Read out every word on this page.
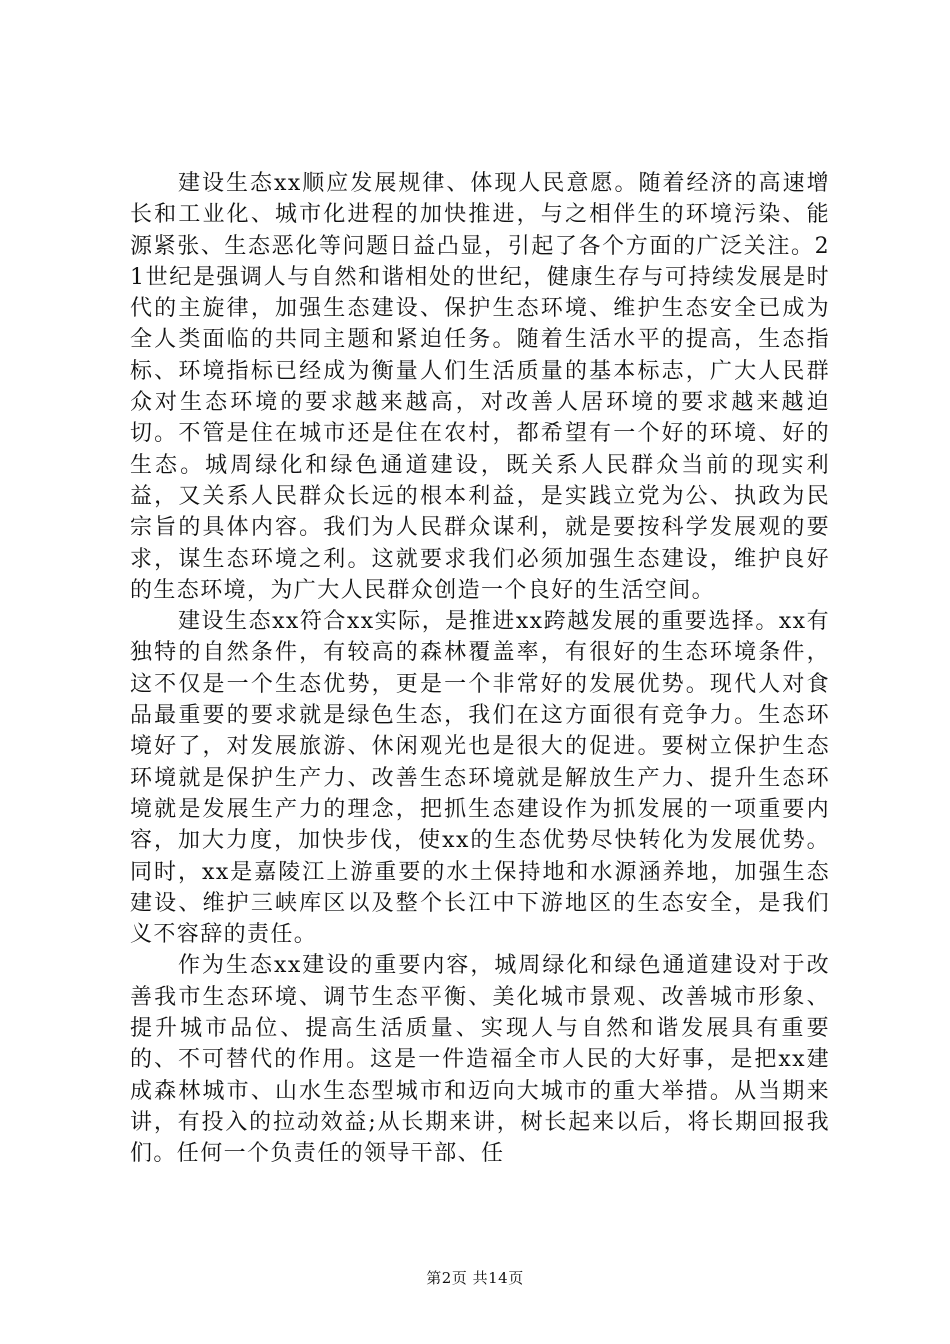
建设生态xx顺应发展规律、体现人民意愿。随着经济的高速增长和工业化、城市化进程的加快推进，与之相伴生的环境污染、能源紧张、生态恶化等问题日益凸显，引起了各个方面的广泛关注。21世纪是强调人与自然和谐相处的世纪，健康生存与可持续发展是时代的主旋律，加强生态建设、保护生态环境、维护生态安全已成为全人类面临的共同主题和紧迫任务。随着生活水平的提高，生态指标、环境指标已经成为衡量人们生活质量的基本标志，广大人民群众对生态环境的要求越来越高，对改善人居环境的要求越来越迫切。不管是住在城市还是住在农村，都希望有一个好的环境、好的生态。城周绿化和绿色通道建设，既关系人民群众当前的现实利益，又关系人民群众长远的根本利益，是实践立党为公、执政为民宗旨的具体内容。我们为人民群众谋利，就是要按科学发展观的要求，谋生态环境之利。这就要求我们必须加强生态建设，维护良好的生态环境，为广大人民群众创造一个良好的生活空间。

建设生态xx符合xx实际，是推进xx跨越发展的重要选择。xx有独特的自然条件，有较高的森林覆盖率，有很好的生态环境条件，这不仅是一个生态优势，更是一个非常好的发展优势。现代人对食品最重要的要求就是绿色生态，我们在这方面很有竞争力。生态环境好了，对发展旅游、休闲观光也是很大的促进。要树立保护生态环境就是保护生产力、改善生态环境就是解放生产力、提升生态环境就是发展生产力的理念，把抓生态建设作为抓发展的一项重要内容，加大力度，加快步伐，使xx的生态优势尽快转化为发展优势。同时，xx是嘉陵江上游重要的水土保持地和水源涵养地，加强生态建设、维护三峡库区以及整个长江中下游地区的生态安全，是我们义不容辞的责任。

作为生态xx建设的重要内容，城周绿化和绿色通道建设对于改善我市生态环境、调节生态平衡、美化城市景观、改善城市形象、提升城市品位、提高生活质量、实现人与自然和谐发展具有重要的、不可替代的作用。这是一件造福全市人民的大好事，是把xx建成森林城市、山水生态型城市和迈向大城市的重大举措。从当期来讲，有投入的拉动效益;从长期来讲，树长起来以后，将长期回报我们。任何一个负责任的领导干部、任

第2页 共14页
